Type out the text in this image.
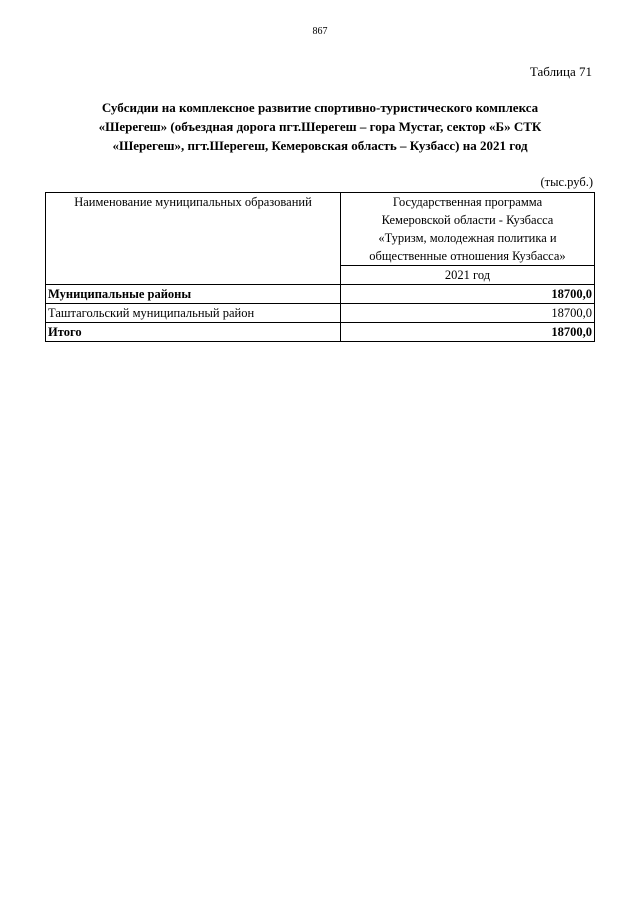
867
Таблица 71
Субсидии на комплексное развитие спортивно-туристического комплекса
«Шерегеш» (объездная дорога пгт.Шерегеш – гора Мустаг, сектор «Б» СТК
«Шерегеш», пгт.Шерегеш, Кемеровская область – Кузбасс) на 2021 год
(тыс.руб.)
Наименование муниципальных образований	Государственная программа
Кемеровской области - Кузбасса
«Туризм, молодежная политика и
общественные отношения Кузбасса»

	2021 год
Муниципальные районы	18700,0
Таштагольский муниципальный район	18700,0
Итого	18700,0
